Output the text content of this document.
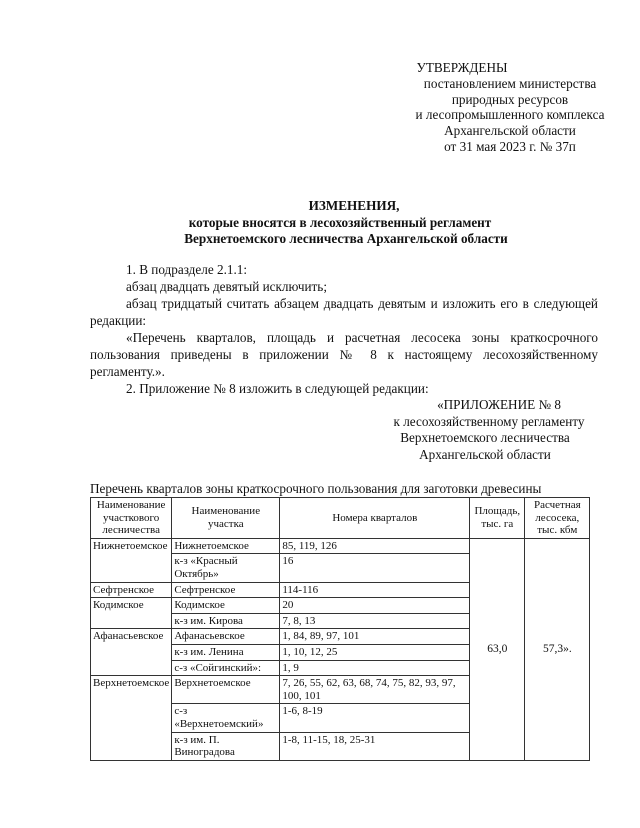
УТВЕРЖДЕНЫ
постановлением министерства
природных ресурсов
и лесопромышленного комплекса
Архангельской области
от 31 мая 2023 г. № 37п
ИЗМЕНЕНИЯ,
которые вносятся в лесохозяйственный регламент
Верхнетоемского лесничества Архангельской области

1. В подразделе 2.1.1:

абзац двадцать девятый исключить;

абзац тридцатый считать абзацем двадцать девятым и изложить его в следующей редакции:

«Перечень кварталов, площадь и расчетная лесосека зоны краткосрочного пользования приведены в приложении № 8 к настоящему лесохозяйственному регламенту.».

2. Приложение № 8 изложить в следующей редакции:

«ПРИЛОЖЕНИЕ № 8
к лесохозяйственному регламенту
Верхнетоемского лесничества
Архангельской области
Перечень кварталов зоны краткосрочного пользования для заготовки древесины
Наименование участкового лесничества	Наименование участка	Номера кварталов	Площадь, тыс. га	Расчетная лесосека, тыс. кбм
Нижнетоемское	Нижнетоемское	85, 119, 126	63,0	57,3».
	к-з «Красный Октябрь»	16		
Сефтренское	Сефтренское	114-116		
Кодимское	Кодимское	20		
	к-з им. Кирова	7, 8, 13		
Афанасьевское	Афанасьевское	1, 84, 89, 97, 101		
	к-з им. Ленина	1, 10, 12, 25		
	с-з «Сойгинский»:	1, 9		
Верхнетоемское	Верхнетоемское	7, 26, 55, 62, 63, 68, 74, 75, 82, 93, 97, 100, 101		
	с-з «Верхнетоемский»	1-6, 8-19		
	к-з им. П. Виноградова	1-8, 11-15, 18, 25-31		
